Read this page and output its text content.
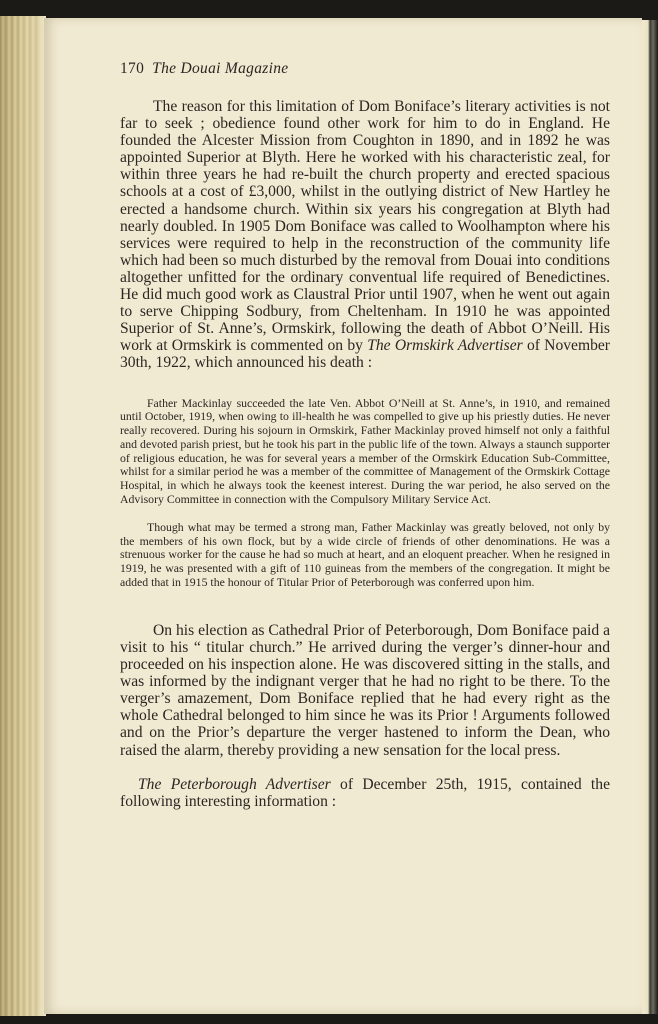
170 The Douai Magazine

The reason for this limitation of Dom Boniface’s literary activities is not far to seek ; obedience found other work for him to do in England. He founded the Alcester Mission from Coughton in 1890, and in 1892 he was appointed Superior at Blyth. Here he worked with his characteristic zeal, for within three years he had re-built the church property and erected spacious schools at a cost of £3,000, whilst in the outlying district of New Hartley he erected a handsome church. Within six years his congregation at Blyth had nearly doubled. In 1905 Dom Boniface was called to Woolhampton where his services were required to help in the reconstruction of the community life which had been so much disturbed by the removal from Douai into conditions altogether unfitted for the ordinary conventual life required of Benedictines. He did much good work as Claustral Prior until 1907, when he went out again to serve Chipping Sodbury, from Cheltenham. In 1910 he was appointed Superior of St. Anne’s, Ormskirk, following the death of Abbot O’Neill. His work at Ormskirk is commented on by The Ormskirk Advertiser of November 30th, 1922, which announced his death :

Father Mackinlay succeeded the late Ven. Abbot O’Neill at St. Anne’s, in 1910, and remained until October, 1919, when owing to ill-health he was compelled to give up his priestly duties. He never really recovered. During his sojourn in Ormskirk, Father Mackinlay proved himself not only a faithful and devoted parish priest, but he took his part in the public life of the town. Always a staunch supporter of religious education, he was for several years a member of the Ormskirk Education Sub-Committee, whilst for a similar period he was a member of the committee of Management of the Ormskirk Cottage Hospital, in which he always took the keenest interest. During the war period, he also served on the Advisory Committee in connection with the Compulsory Military Service Act.

Though what may be termed a strong man, Father Mackinlay was greatly beloved, not only by the members of his own flock, but by a wide circle of friends of other denominations. He was a strenuous worker for the cause he had so much at heart, and an eloquent preacher. When he resigned in 1919, he was presented with a gift of 110 guineas from the members of the congregation. It might be added that in 1915 the honour of Titular Prior of Peterborough was conferred upon him.

On his election as Cathedral Prior of Peterborough, Dom Boniface paid a visit to his “ titular church.” He arrived during the verger’s dinner-hour and proceeded on his inspection alone. He was discovered sitting in the stalls, and was informed by the indignant verger that he had no right to be there. To the verger’s amazement, Dom Boniface replied that he had every right as the whole Cathedral belonged to him since he was its Prior ! Arguments followed and on the Prior’s departure the verger hastened to inform the Dean, who raised the alarm, thereby providing a new sensation for the local press.

The Peterborough Advertiser of December 25th, 1915, contained the following interesting information :
